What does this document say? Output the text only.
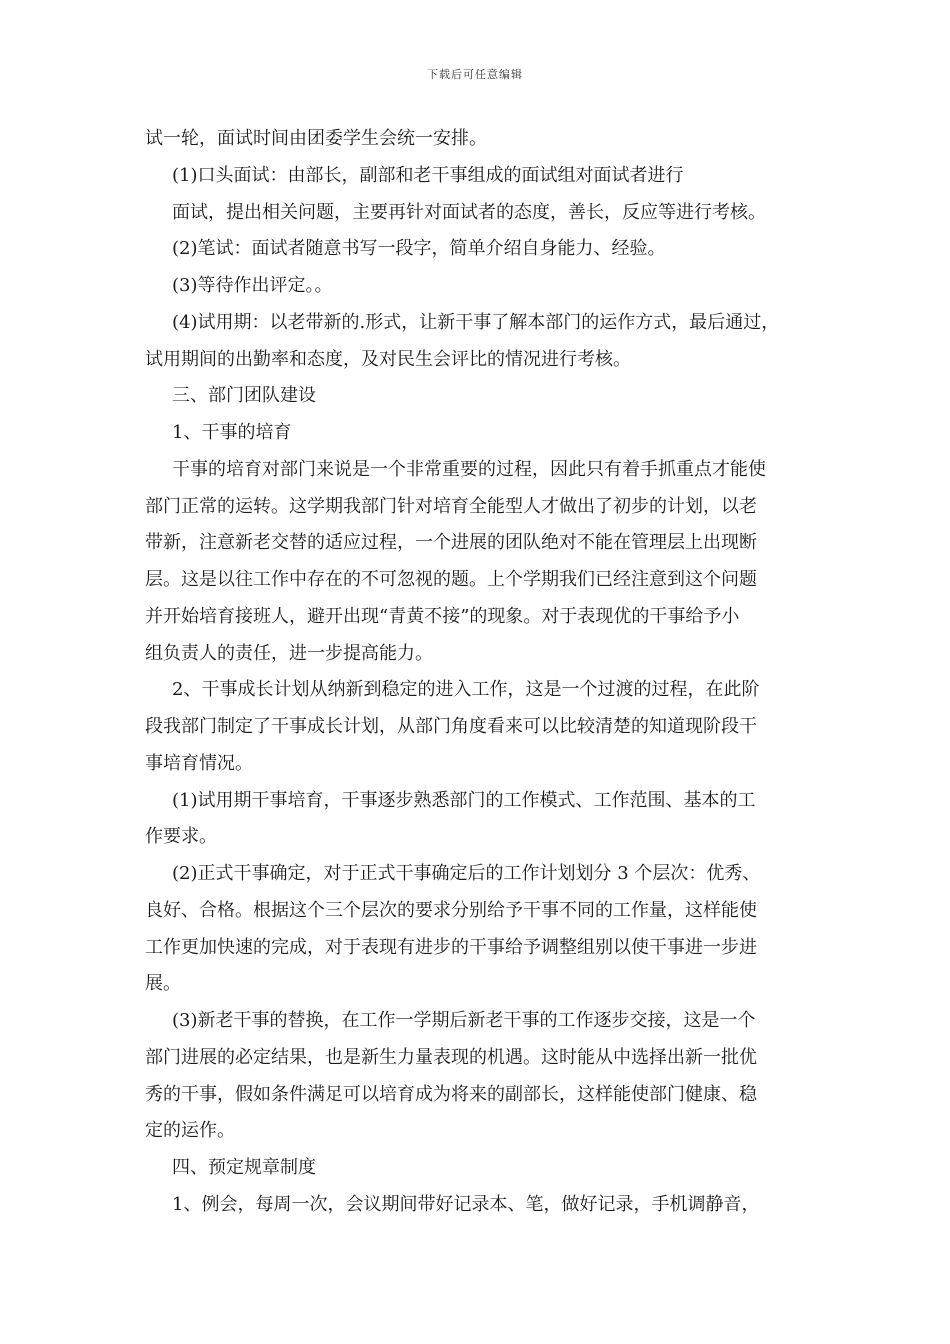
下载后可任意编辑
试一轮，面试时间由团委学生会统一安排。
(1)口头面试：由部长，副部和老干事组成的面试组对面试者进行
面试，提出相关问题，主要再针对面试者的态度，善长，反应等进行考核。
(2)笔试：面试者随意书写一段字，简单介绍自身能力、经验。
(3)等待作出评定。。
(4)试用期：以老带新的.形式，让新干事了解本部门的运作方式，最后通过，
试用期间的出勤率和态度，及对民生会评比的情况进行考核。
三、部门团队建设
1、干事的培育
干事的培育对部门来说是一个非常重要的过程，因此只有着手抓重点才能使
部门正常的运转。这学期我部门针对培育全能型人才做出了初步的计划，以老
带新，注意新老交替的适应过程，一个进展的团队绝对不能在管理层上出现断
层。这是以往工作中存在的不可忽视的题。上个学期我们已经注意到这个问题
并开始培育接班人，避开出现“青黄不接”的现象。对于表现优的干事给予小
组负责人的责任，进一步提高能力。
2、干事成长计划从纳新到稳定的进入工作，这是一个过渡的过程，在此阶
段我部门制定了干事成长计划，从部门角度看来可以比较清楚的知道现阶段干
事培育情况。
(1)试用期干事培育，干事逐步熟悉部门的工作模式、工作范围、基本的工
作要求。
(2)正式干事确定，对于正式干事确定后的工作计划划分 3 个层次：优秀、
良好、合格。根据这个三个层次的要求分别给予干事不同的工作量，这样能使
工作更加快速的完成，对于表现有进步的干事给予调整组别以使干事进一步进
展。
(3)新老干事的替换，在工作一学期后新老干事的工作逐步交接，这是一个
部门进展的必定结果，也是新生力量表现的机遇。这时能从中选择出新一批优
秀的干事，假如条件满足可以培育成为将来的副部长，这样能使部门健康、稳
定的运作。
四、预定规章制度
1、例会，每周一次，会议期间带好记录本、笔，做好记录，手机调静音，
